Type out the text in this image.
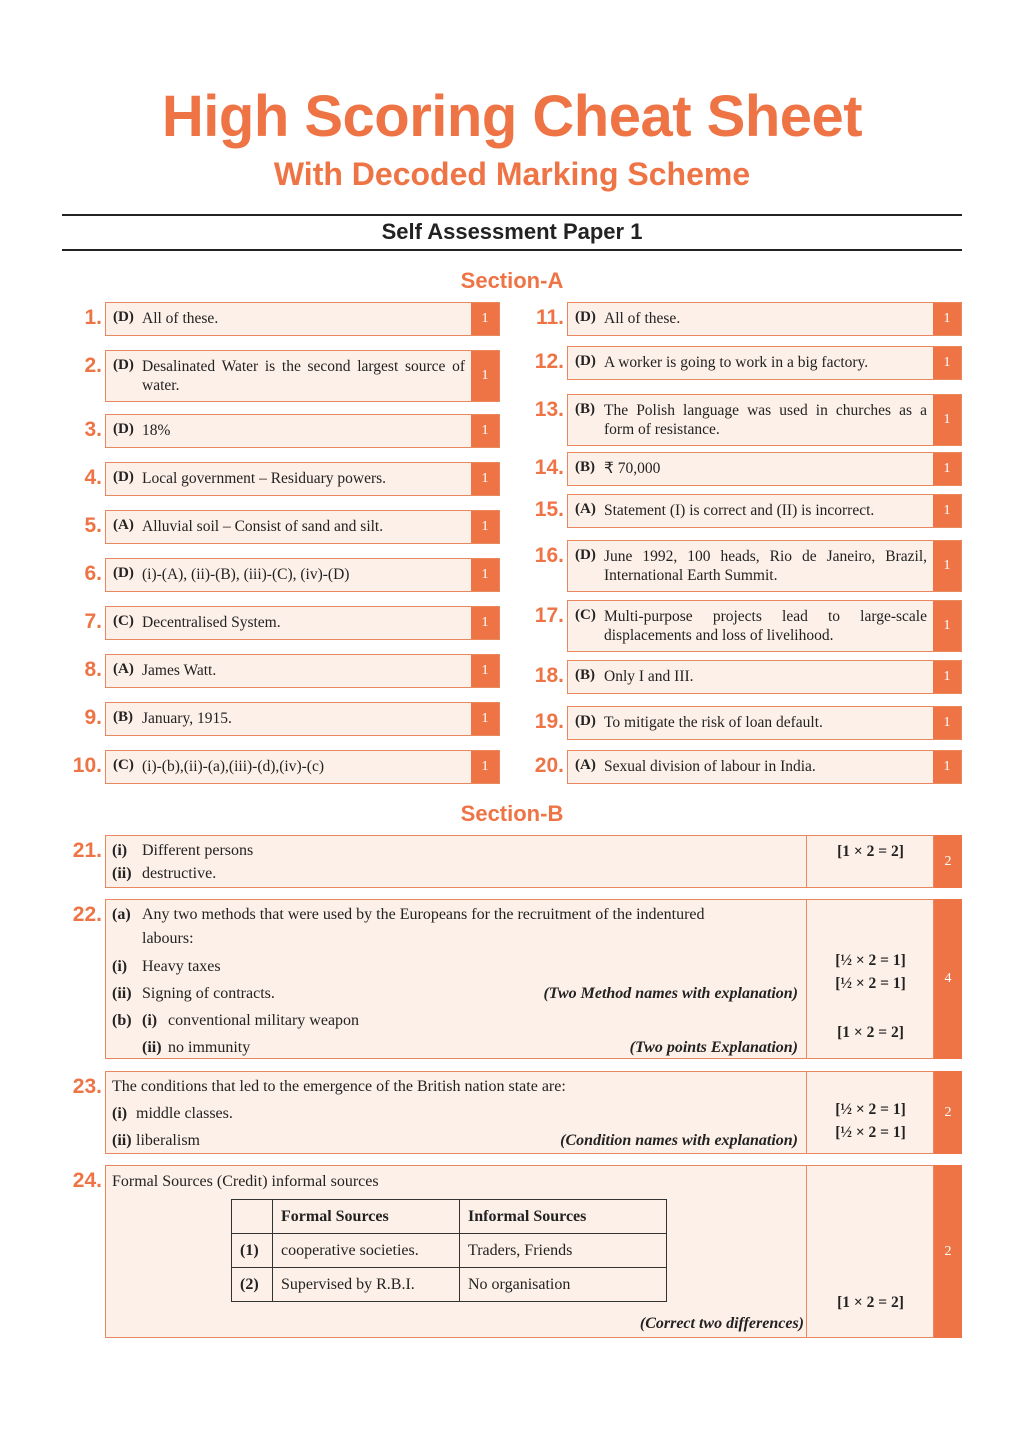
High Scoring Cheat Sheet
With Decoded Marking Scheme
Self Assessment Paper 1
Section-A
1. (D) All of these.	1
2. (D) Desalinated Water is the second largest source of water.
1
3. (D) 18%	1
4. (D) Local government – Residuary powers.	1
5. (A) Alluvial soil – Consist of sand and silt.	1
6. (D) (i)-(A), (ii)-(B), (iii)-(C), (iv)-(D)	1
7. (C) Decentralised System.	1
8. (A) James Watt.	1
9. (B) January, 1915.	1
10. (C) (i)-(b),(ii)-(a),(iii)-(d),(iv)-(c)	1
11. (D) All of these.	1
12. (D) A worker is going to work in a big factory.	1
13. (B) The Polish language was used in churches as a form of resistance.
1
14. (B) ₹ 70,000	1
15. (A) Statement (I) is correct and (II) is incorrect.	1
16. (D) June 1992, 100 heads, Rio de Janeiro, Brazil, International Earth Summit.
1
17. (C) Multi-purpose projects lead to large-scale displacements and loss of livelihood.
1
18. (B) Only I and III.	1
19. (D) To mitigate the risk of loan default.	1
20. (A) Sexual division of labour in India.	1
Section-B
21. (i) Different persons
(ii) destructive.
[1 × 2 = 2]
2
22. (a) Any two methods that were used by the Europeans for the recruitment of the indentured
labours:
(i) Heavy taxes
(ii) Signing of contracts.	(Two Method names with explanation)
(b) (i) conventional military weapon
(ii) no immunity	(Two points Explanation)
[½ × 2 = 1]
[½ × 2 = 1]
[1 × 2 = 2]
4
23. The conditions that led to the emergence of the British nation state are:
(i) middle classes.
(ii) liberalism	(Condition names with explanation)
[½ × 2 = 1]
[½ × 2 = 1]
2
24. Formal Sources (Credit) informal sources
	Formal Sources	Informal Sources
(1)	cooperative societies.	Traders, Friends
(2)	Supervised by R.B.I.	No organisation
(Correct two differences)
[1 × 2 = 2]
2
